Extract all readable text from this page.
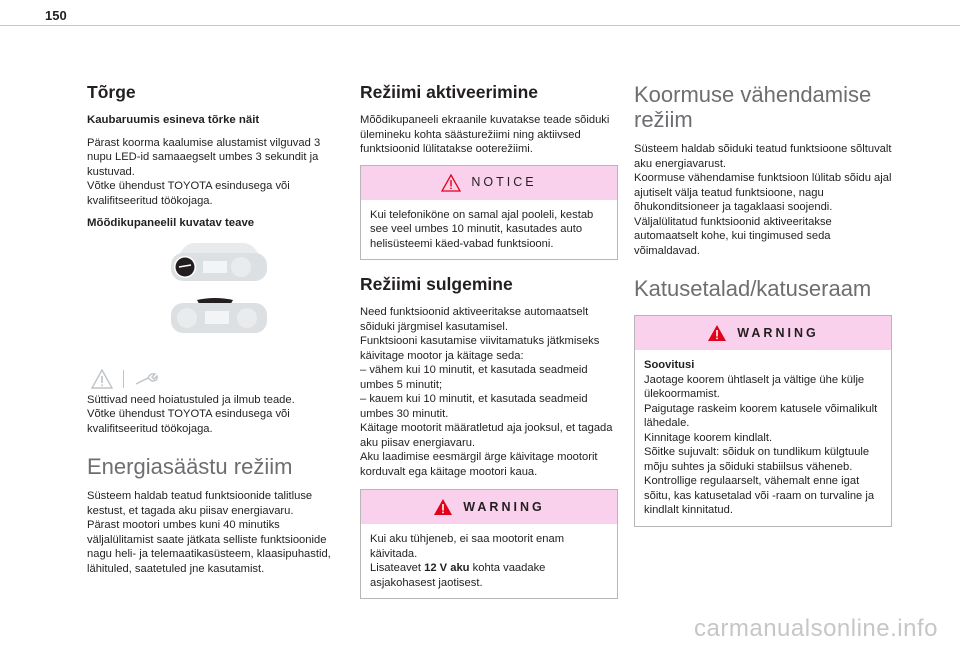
150
Tõrge
Kaubaruumis esineva tõrke näit

Pärast koorma kaalumise alustamist vilguvad 3 nupu LED-id samaaegselt umbes 3 sekundit ja kustuvad.
Võtke ühendust TOYOTA esindusega või kvalifitseeritud töökojaga.

Mõõdikupaneelil kuvatav teave

Süttivad need hoiatustuled ja ilmub teade.
Võtke ühendust TOYOTA esindusega või kvalifitseeritud töökojaga.

Energiasäästu režiim

Süsteem haldab teatud funktsioonide talitluse kestust, et tagada aku piisav energiavaru.
Pärast mootori umbes kuni 40 minutiks väljalülitamist saate jätkata selliste funktsioonide nagu heli- ja telemaatikasüsteem, klaasipuhastid, lähituled, saatetuled jne kasutamist.

Režiimi aktiveerimine

Mõõdikupaneeli ekraanile kuvatakse teade sõiduki ülemineku kohta säästurežiimi ning aktiivsed funktsioonid lülitatakse ooterežiimi.

NOTICE
Kui telefoniköne on samal ajal pooleli, kestab see veel umbes 10 minutit, kasutades auto helisüsteemi käed-vabad funktsiooni.
Režiimi sulgemine

Need funktsioonid aktiveeritakse automaatselt sõiduki järgmisel kasutamisel.
Funktsiooni kasutamise viivitamatuks jätkmiseks käivitage mootor ja käitage seda:
– vähem kui 10 minutit, et kasutada seadmeid umbes 5 minutit;
– kauem kui 10 minutit, et kasutada seadmeid umbes 30 minutit.
Käitage mootorit määratletud aja jooksul, et tagada aku piisav energiavaru.
Aku laadimise eesmärgil ärge käivitage mootorit korduvalt ega käitage mootori kaua.

WARNING
Kui aku tühjeneb, ei saa mootorit enam käivitada.
Lisateavet 12 V aku kohta vaadake asjakohasest jaotisest.
Koormuse vähendamise režiim

Süsteem haldab sõiduki teatud funktsioone sõltuvalt aku energiavarust.
Koormuse vähendamise funktsioon lülitab sõidu ajal ajutiselt välja teatud funktsioone, nagu õhukonditsioneer ja tagaklaasi soojendi.
Väljalülitatud funktsioonid aktiveeritakse automaatselt kohe, kui tingimused seda võimaldavad.

Katusetalad/katuseraam
WARNING
Soovitusi
Jaotage koorem ühtlaselt ja vältige ühe külje ülekoormamist.
Paigutage raskeim koorem katusele võimalikult lähedale.
Kinnitage koorem kindlalt.
Sõitke sujuvalt: sõiduk on tundlikum külgtuule mõju suhtes ja sõiduki stabiilsus väheneb.
Kontrollige regulaarselt, vähemalt enne igat sõitu, kas katusetalad või -raam on turvaline ja kindlalt kinnitatud.
carmanualsonline.info
